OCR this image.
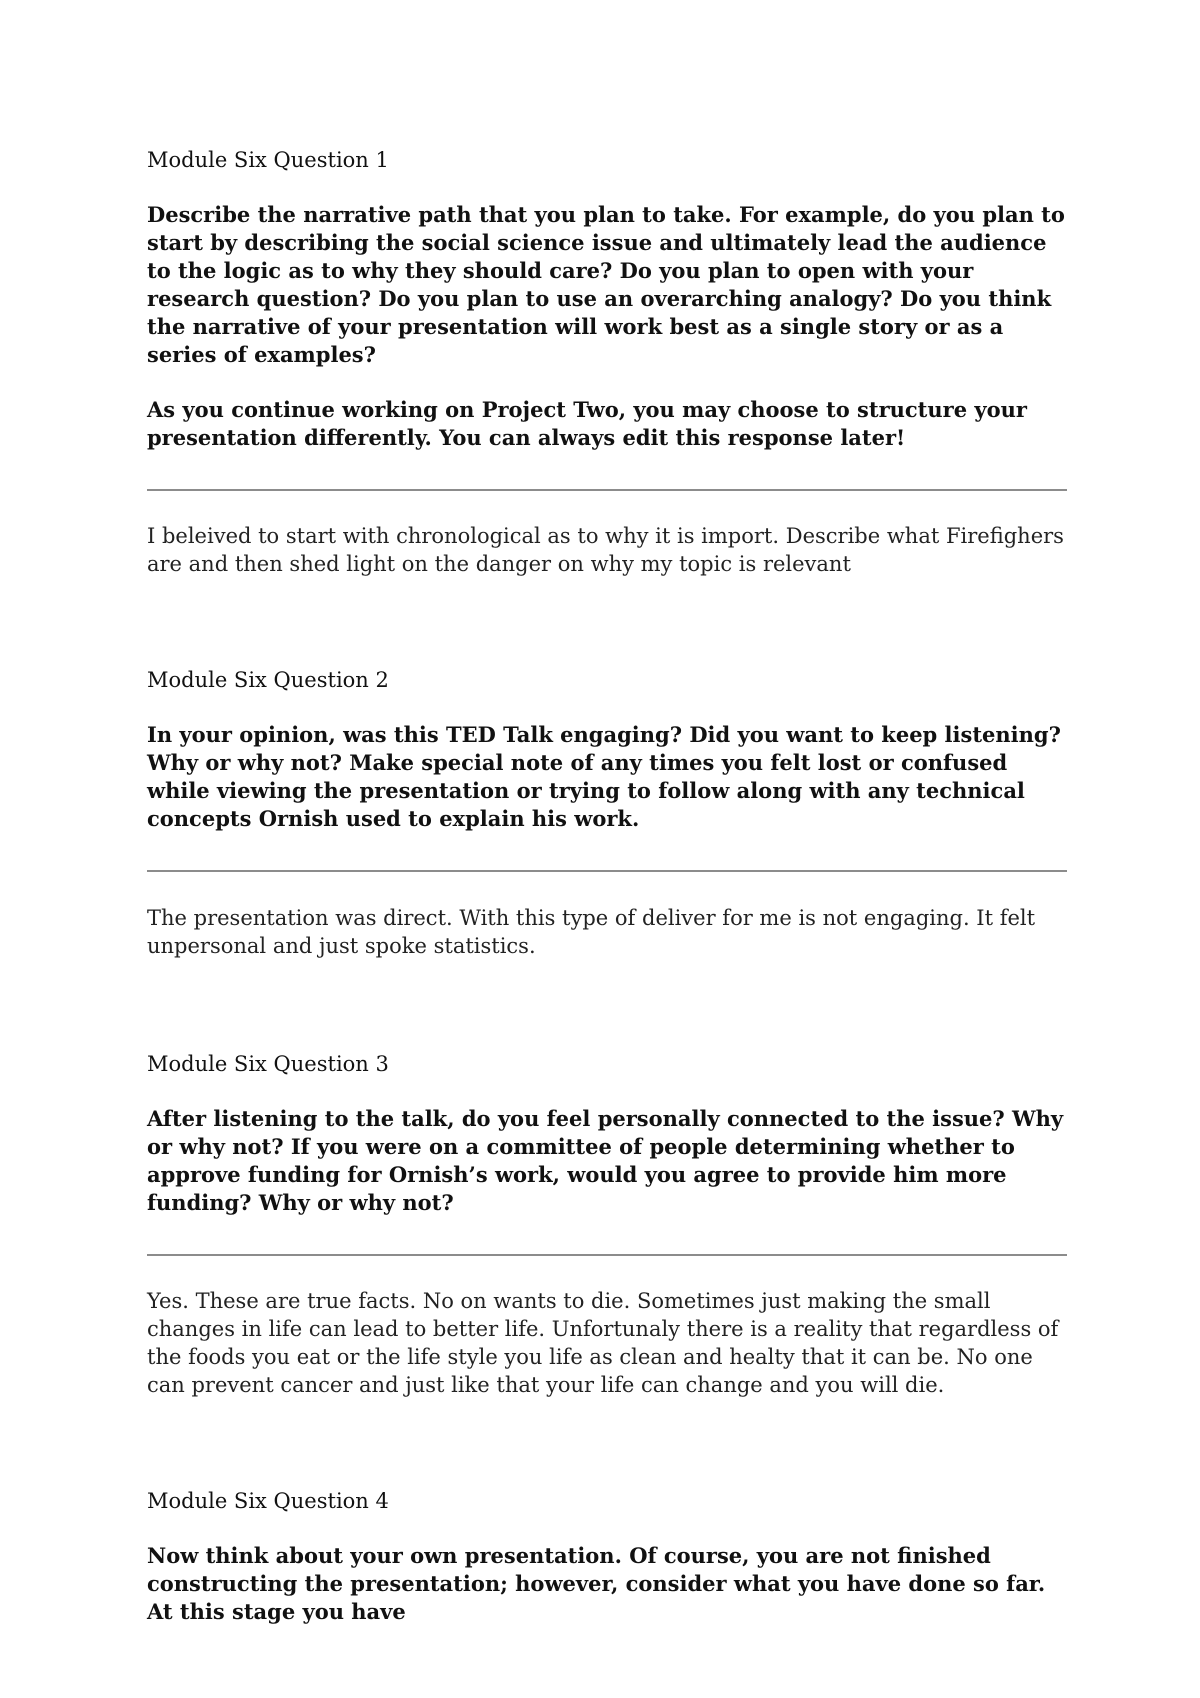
Module Six Question 1

Describe the narrative path that you plan to take. For example, do you plan to start by describing the social science issue and ultimately lead the audience to the logic as to why they should care? Do you plan to open with your research question? Do you plan to use an overarching analogy? Do you think the narrative of your presentation will work best as a single story or as a series of examples?

As you continue working on Project Two, you may choose to structure your presentation differently. You can always edit this response later!

I beleived to start with chronological as to why it is import. Describe what Firefighers are and then shed light on the danger on why my topic is relevant

Module Six Question 2

In your opinion, was this TED Talk engaging? Did you want to keep listening? Why or why not? Make special note of any times you felt lost or confused while viewing the presentation or trying to follow along with any technical concepts Ornish used to explain his work.

The presentation was direct. With this type of deliver for me is not engaging. It felt unpersonal and just spoke statistics.

Module Six Question 3

After listening to the talk, do you feel personally connected to the issue? Why or why not? If you were on a committee of people determining whether to approve funding for Ornish’s work, would you agree to provide him more funding? Why or why not?

Yes. These are true facts. No on wants to die. Sometimes just making the small changes in life can lead to better life. Unfortunaly there is a reality that regardless of the foods you eat or the life style you life as clean and healty that it can be. No one can prevent cancer and just like that your life can change and you will die.

Module Six Question 4

Now think about your own presentation. Of course, you are not finished constructing the presentation; however, consider what you have done so far. At this stage you have
